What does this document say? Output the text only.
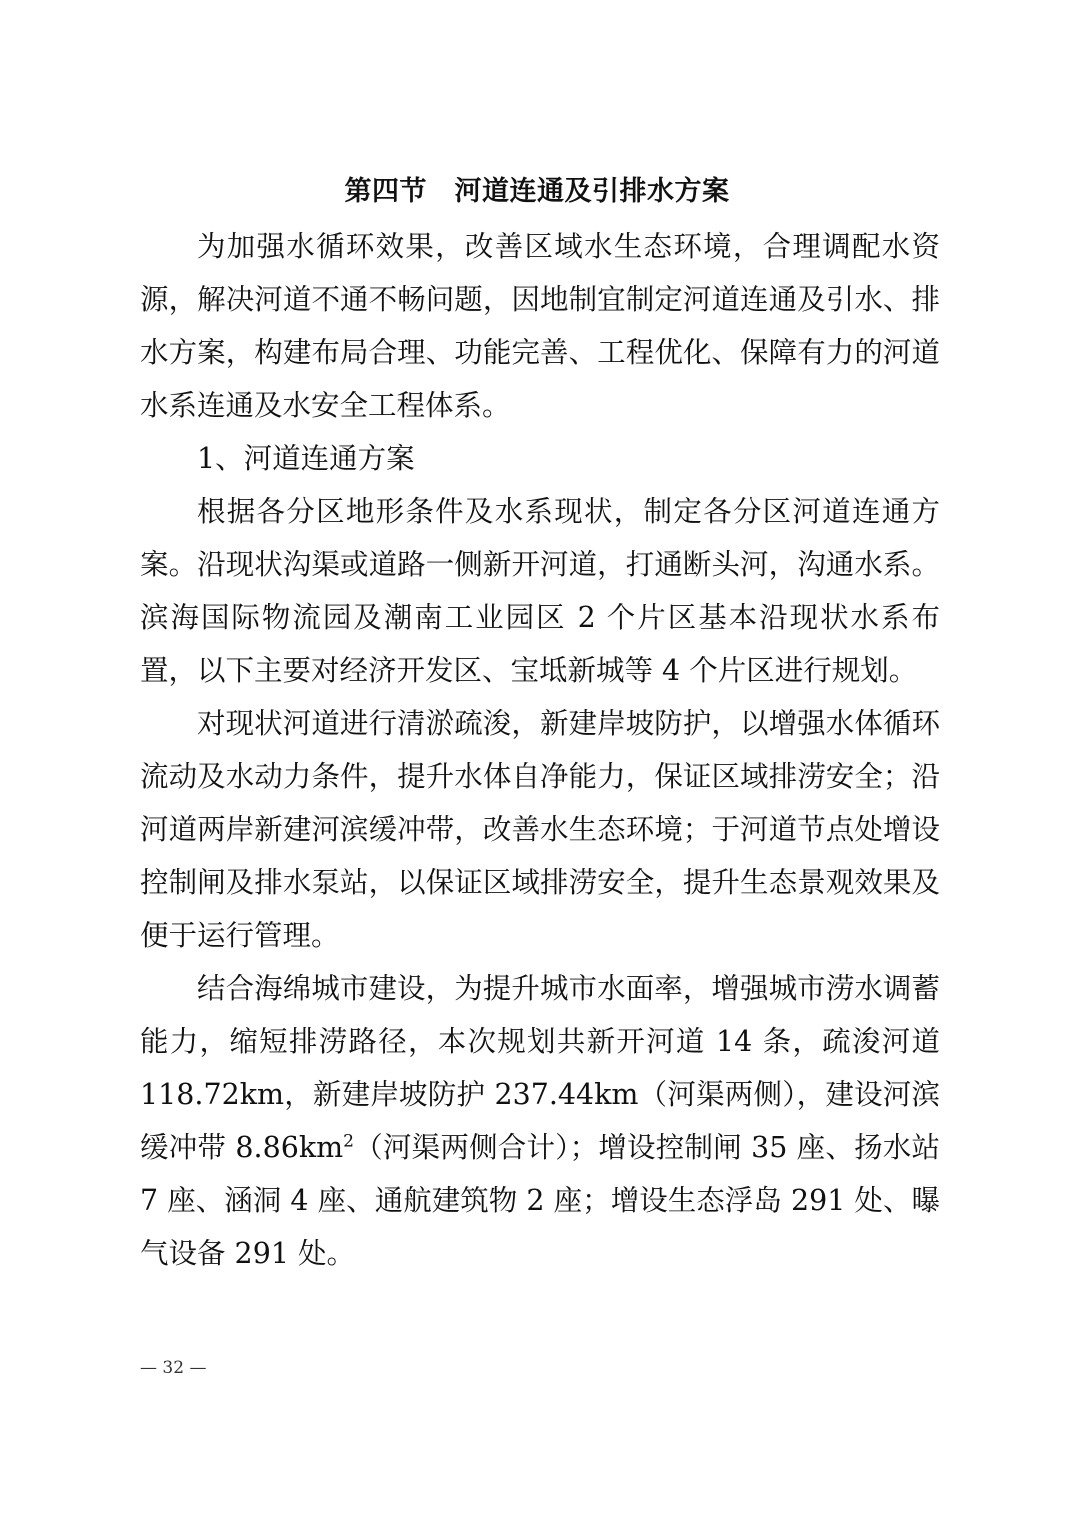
第四节　河道连通及引排水方案

为加强水循环效果，改善区域水生态环境，合理调配水资源，解决河道不通不畅问题，因地制宜制定河道连通及引水、排水方案，构建布局合理、功能完善、工程优化、保障有力的河道水系连通及水安全工程体系。

1、河道连通方案

根据各分区地形条件及水系现状，制定各分区河道连通方案。沿现状沟渠或道路一侧新开河道，打通断头河，沟通水系。滨海国际物流园及潮南工业园区 2 个片区基本沿现状水系布置，以下主要对经济开发区、宝坻新城等 4 个片区进行规划。

对现状河道进行清淤疏浚，新建岸坡防护，以增强水体循环流动及水动力条件，提升水体自净能力，保证区域排涝安全；沿河道两岸新建河滨缓冲带，改善水生态环境；于河道节点处增设控制闸及排水泵站，以保证区域排涝安全，提升生态景观效果及便于运行管理。

结合海绵城市建设，为提升城市水面率，增强城市涝水调蓄能力，缩短排涝路径，本次规划共新开河道 14 条，疏浚河道 118.72km，新建岸坡防护 237.44km（河渠两侧），建设河滨缓冲带 $8.86km^2$（河渠两侧合计）；增设控制闸 35 座、扬水站 7 座、涵洞 4 座、通航建筑物 2 座；增设生态浮岛 291 处、曝气设备 291 处。

— 32 —
